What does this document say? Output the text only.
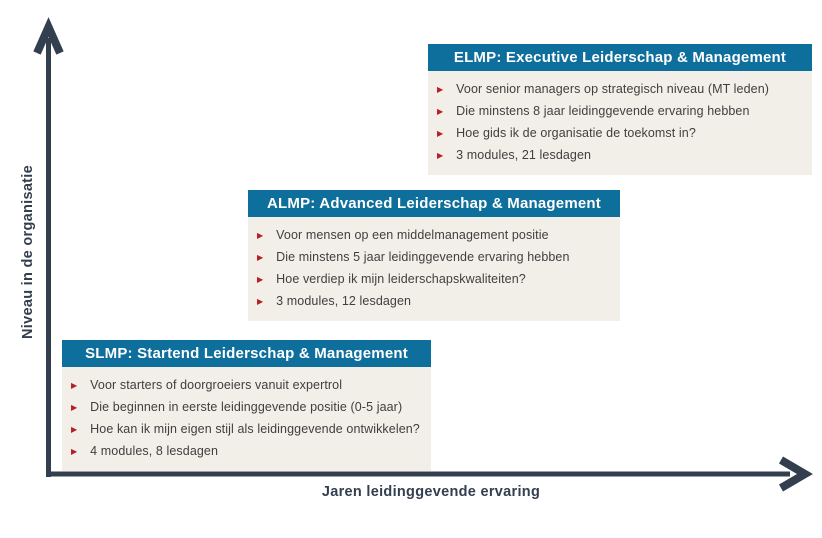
Niveau in de organisatie
Jaren leidinggevende ervaring
ELMP: Executive Leiderschap & Management
▶ Voor senior managers op strategisch niveau (MT leden)
▶ Die minstens 8 jaar leidinggevende ervaring hebben
▶ Hoe gids ik de organisatie de toekomst in?
▶ 3 modules, 21 lesdagen
ALMP: Advanced Leiderschap & Management
▶ Voor mensen op een middelmanagement positie
▶ Die minstens 5 jaar leidinggevende ervaring hebben
▶ Hoe verdiep ik mijn leiderschapskwaliteiten?
▶ 3 modules, 12 lesdagen
SLMP: Startend Leiderschap & Management
▶ Voor starters of doorgroeiers vanuit expertrol
▶ Die beginnen in eerste leidinggevende positie (0-5 jaar)
▶ Hoe kan ik mijn eigen stijl als leidinggevende ontwikkelen?
▶ 4 modules, 8 lesdagen
